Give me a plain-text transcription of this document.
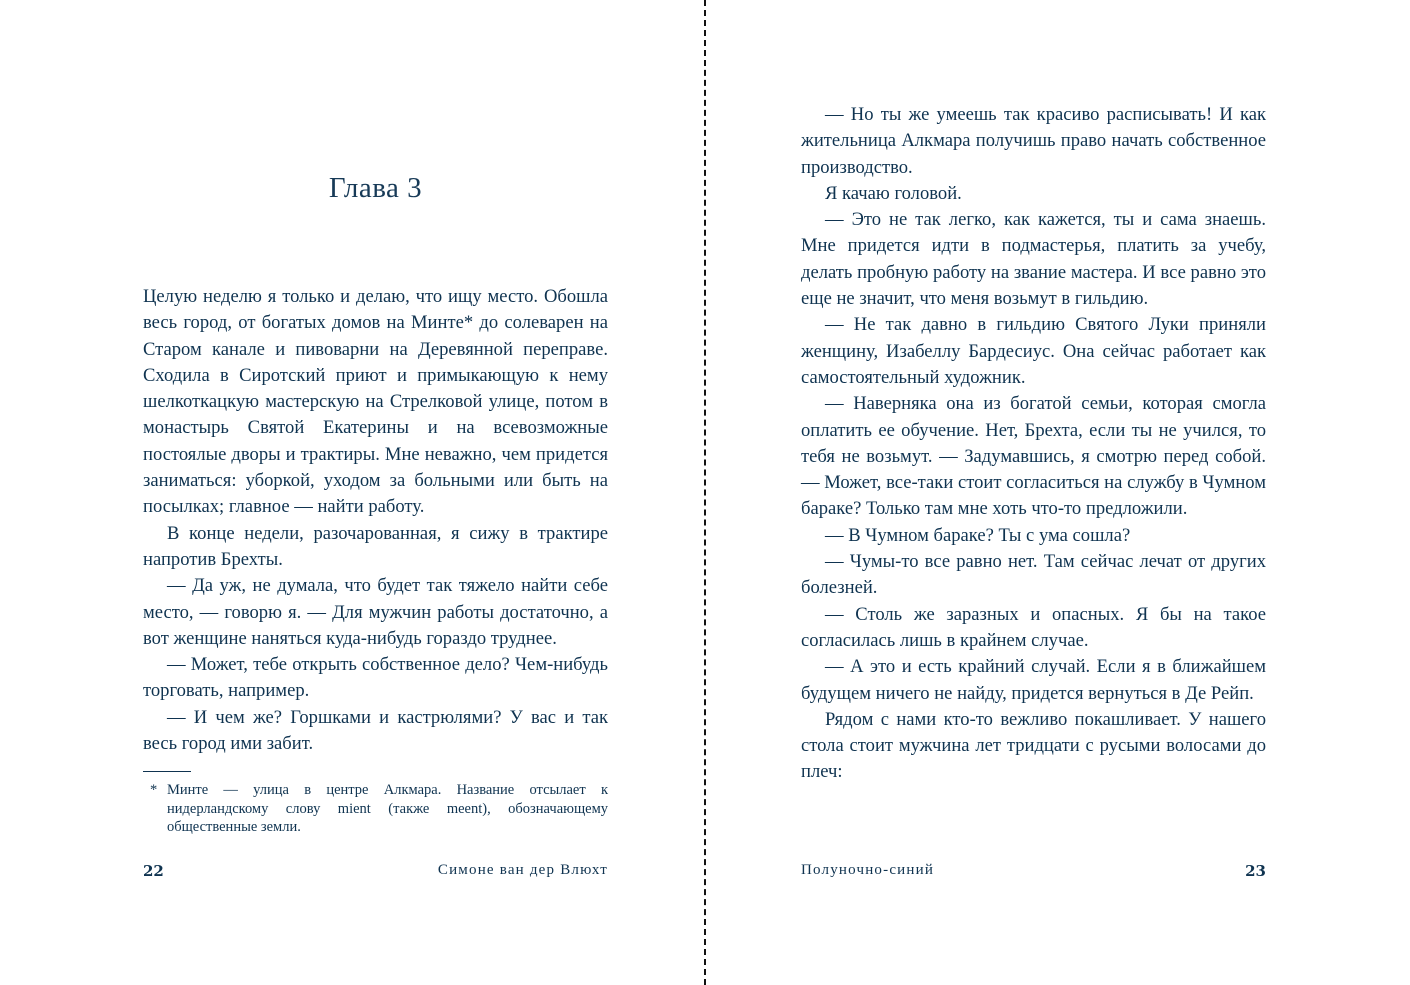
Глава 3

Целую неделю я только и делаю, что ищу место. Обошла весь город, от богатых домов на Минте* до солеварен на Старом канале и пивоварни на Деревянной переправе. Сходила в Сиротский приют и примыкающую к нему шелкоткацкую мастерскую на Стрелковой улице, потом в монастырь Святой Екатерины и на всевозможные постоялые дворы и трактиры. Мне неважно, чем придется заниматься: уборкой, уходом за больными или быть на посылках; главное — найти работу.

В конце недели, разочарованная, я сижу в трактире напротив Брехты.

— Да уж, не думала, что будет так тяжело найти себе место, — говорю я. — Для мужчин работы достаточно, а вот женщине наняться куда-нибудь гораздо труднее.

— Может, тебе открыть собственное дело? Чем-нибудь торговать, например.

— И чем же? Горшками и кастрюлями? У вас и так весь город ими забит.

* Минте — улица в центре Алкмара. Название отсылает к нидерландскому слову mient (также meent), обозначающему общественные земли.
22	Симоне ван дер Влюхт

— Но ты же умеешь так красиво расписывать! И как жительница Алкмара получишь право начать собственное производство.

Я качаю головой.

— Это не так легко, как кажется, ты и сама знаешь. Мне придется идти в подмастерья, платить за учебу, делать пробную работу на звание мастера. И все равно это еще не значит, что меня возьмут в гильдию.

— Не так давно в гильдию Святого Луки приняли женщину, Изабеллу Бардесиус. Она сейчас работает как самостоятельный художник.

— Наверняка она из богатой семьи, которая смогла оплатить ее обучение. Нет, Брехта, если ты не учился, то тебя не возьмут. — Задумавшись, я смотрю перед собой. — Может, все-таки стоит согласиться на службу в Чумном бараке? Только там мне хоть что-то предложили.

— В Чумном бараке? Ты с ума сошла?

— Чумы-то все равно нет. Там сейчас лечат от других болезней.

— Столь же заразных и опасных. Я бы на такое согласилась лишь в крайнем случае.

— А это и есть крайний случай. Если я в ближайшем будущем ничего не найду, придется вернуться в Де Рейп.

Рядом с нами кто-то вежливо покашливает. У нашего стола стоит мужчина лет тридцати с русыми волосами до плеч:

Полуночно-синий	23
